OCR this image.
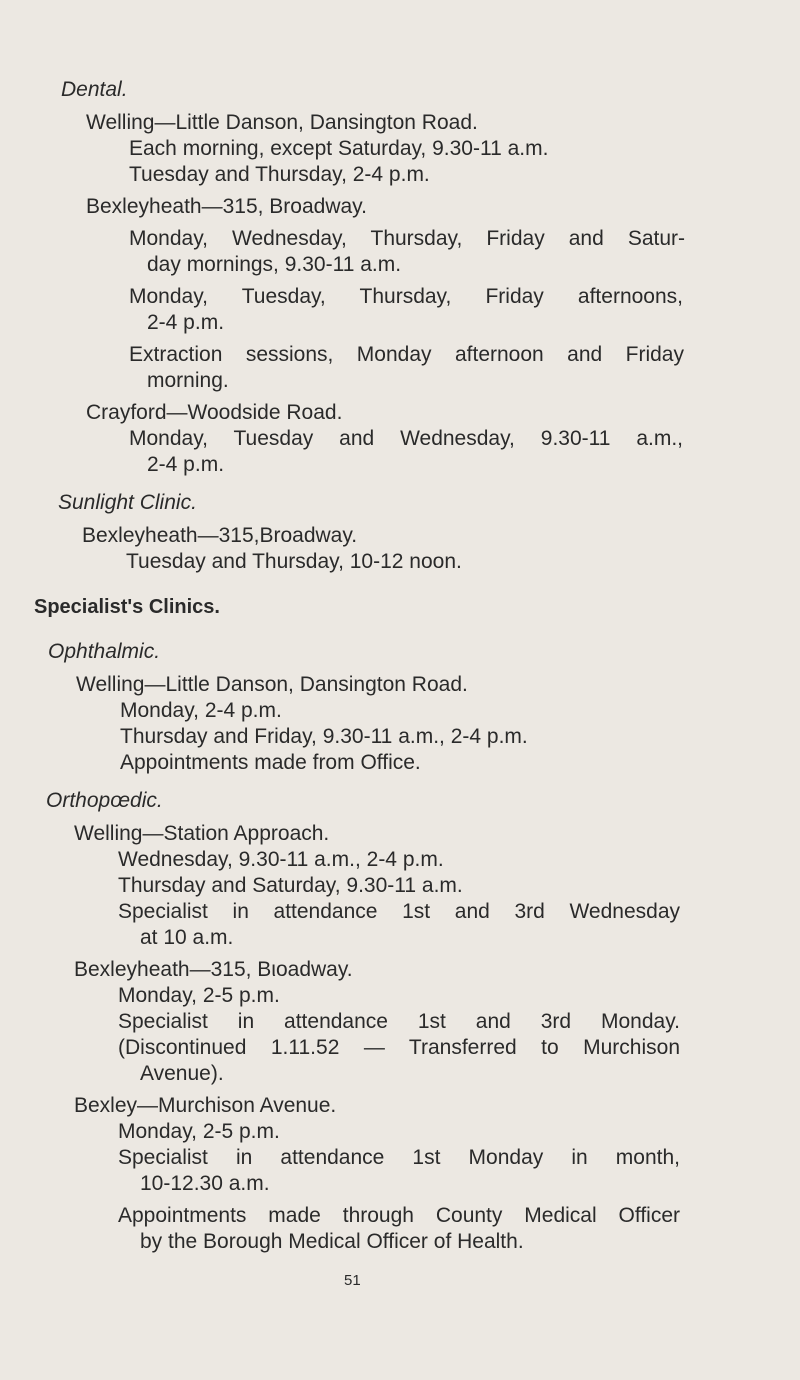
Dental.
Welling—Little Danson, Dansington Road.
Each morning, except Saturday, 9.30-11 a.m.
Tuesday and Thursday, 2-4 p.m.
Bexleyheath—315, Broadway.
Monday, Wednesday, Thursday, Friday and Satur-
day mornings, 9.30-11 a.m.
Monday, Tuesday, Thursday, Friday afternoons,
2-4 p.m.
Extraction sessions, Monday afternoon and Friday
morning.
Crayford—Woodside Road.
Monday, Tuesday and Wednesday, 9.30-11 a.m.,
2-4 p.m.
Sunlight Clinic.
Bexleyheath—315,Broadway.
Tuesday and Thursday, 10-12 noon.
Specialist's Clinics.
Ophthalmic.
Welling—Little Danson, Dansington Road.
Monday, 2-4 p.m.
Thursday and Friday, 9.30-11 a.m., 2-4 p.m.
Appointments made from Office.
Orthopœdic.
Welling—Station Approach.
Wednesday, 9.30-11 a.m., 2-4 p.m.
Thursday and Saturday, 9.30-11 a.m.
Specialist in attendance 1st and 3rd Wednesday
at 10 a.m.
Bexleyheath—315, Bιoadway.
Monday, 2-5 p.m.
Specialist in attendance 1st and 3rd Monday.
(Discontinued 1.11.52 — Transferred to Murchison
Avenue).
Bexley—Murchison Avenue.
Monday, 2-5 p.m.
Specialist in attendance 1st Monday in month,
10-12.30 a.m.
Appointments made through County Medical Officer
by the Borough Medical Officer of Health.
51
